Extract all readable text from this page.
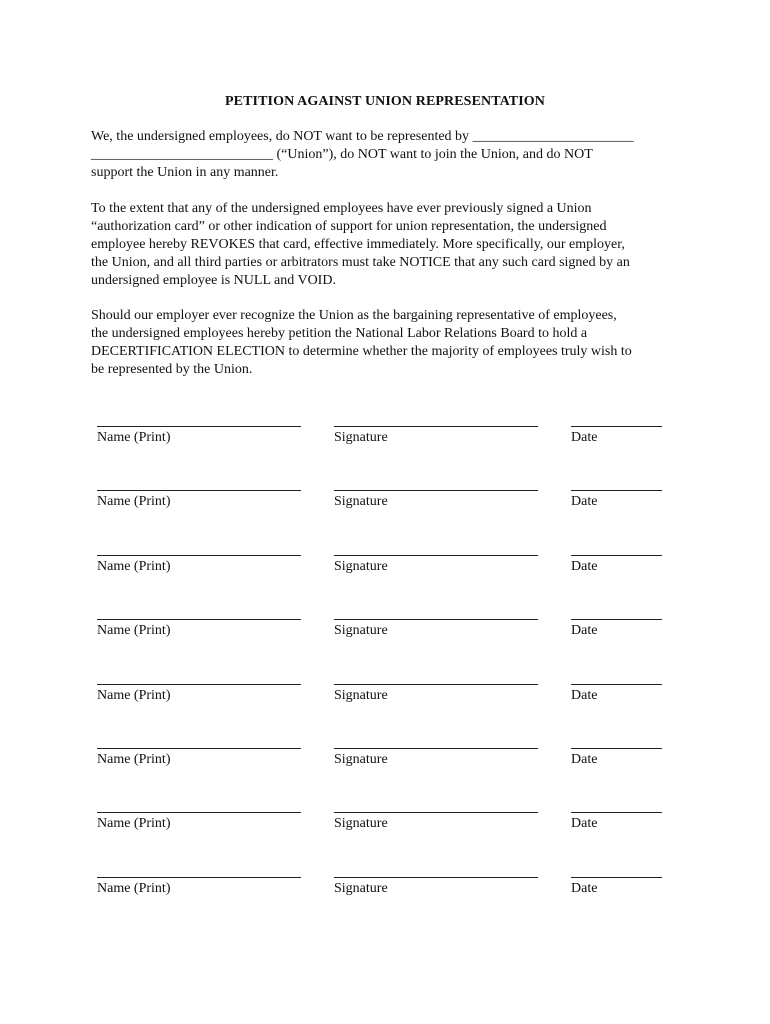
PETITION AGAINST UNION REPRESENTATION
We, the undersigned employees, do NOT want to be represented by _______________________
__________________________ (“Union”), do NOT want to join the Union, and do NOT
support the Union in any manner.
To the extent that any of the undersigned employees have ever previously signed a Union
“authorization card” or other indication of support for union representation, the undersigned
employee hereby REVOKES that card, effective immediately. More specifically, our employer,
the Union, and all third parties or arbitrators must take NOTICE that any such card signed by an
undersigned employee is NULL and VOID.
Should our employer ever recognize the Union as the bargaining representative of employees,
the undersigned employees hereby petition the National Labor Relations Board to hold a
DECERTIFICATION ELECTION to determine whether the majority of employees truly wish to
be represented by the Union.
Name (Print)	Signature	Date
Name (Print)	Signature	Date
Name (Print)	Signature	Date
Name (Print)	Signature	Date
Name (Print)	Signature	Date
Name (Print)	Signature	Date
Name (Print)	Signature	Date
Name (Print)	Signature	Date
